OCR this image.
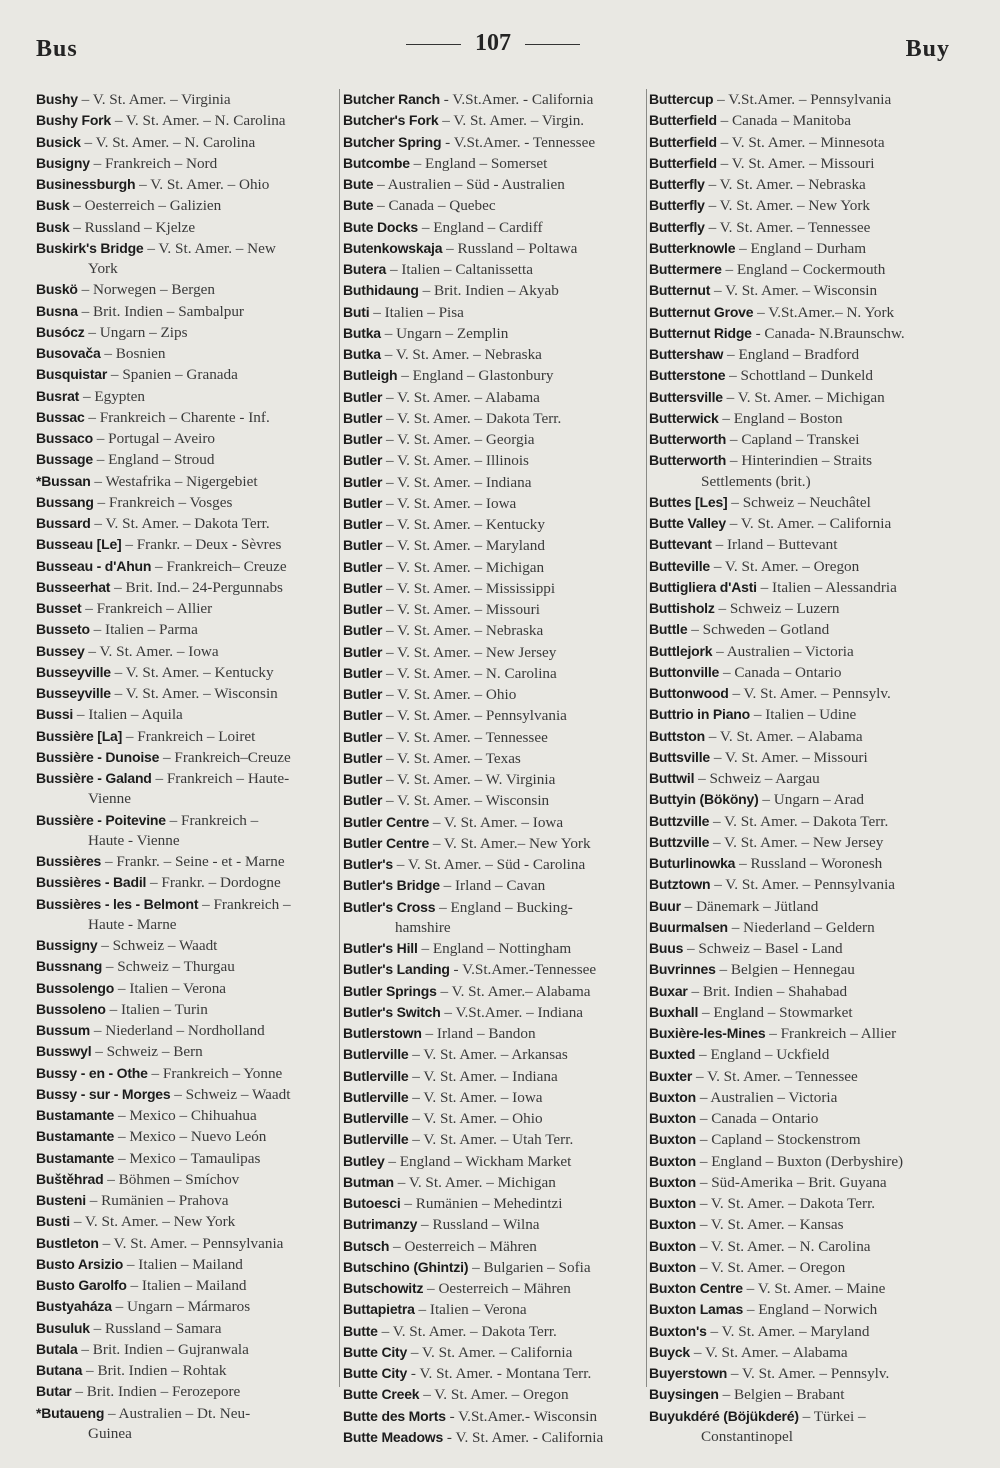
Bus	107	Buy
Bushy – V. St. Amer. – Virginia
Bushy Fork – V. St. Amer. – N. Carolina
Busick – V. St. Amer. – N. Carolina
Busigny – Frankreich – Nord
Businessburgh – V. St. Amer. – Ohio
Busk – Oesterreich – Galizien
Busk – Russland – Kjelze
Buskirk's Bridge – V. St. Amer. – New
York
Buskö – Norwegen – Bergen
Busna – Brit. Indien – Sambalpur
Busócz – Ungarn – Zips
Busovača – Bosnien
Busquistar – Spanien – Granada
Busrat – Egypten
Bussac – Frankreich – Charente - Inf.
Bussaco – Portugal – Aveiro
Bussage – England – Stroud
*Bussan – Westafrika – Nigergebiet
Bussang – Frankreich – Vosges
Bussard – V. St. Amer. – Dakota Terr.
Busseau [Le] – Frankr. – Deux - Sèvres
Busseau - d'Ahun – Frankreich– Creuze
Busseerhat – Brit. Ind.– 24-Pergunnabs
Busset – Frankreich – Allier
Busseto – Italien – Parma
Bussey – V. St. Amer. – Iowa
Busseyville – V. St. Amer. – Kentucky
Busseyville – V. St. Amer. – Wisconsin
Bussi – Italien – Aquila
Bussière [La] – Frankreich – Loiret
Bussière - Dunoise – Frankreich–Creuze
Bussière - Galand – Frankreich – Haute-
Vienne
Bussière - Poitevine – Frankreich –
Haute - Vienne
Bussières – Frankr. – Seine - et - Marne
Bussières - Badil – Frankr. – Dordogne
Bussières - les - Belmont – Frankreich –
Haute - Marne
Bussigny – Schweiz – Waadt
Bussnang – Schweiz – Thurgau
Bussolengo – Italien – Verona
Bussoleno – Italien – Turin
Bussum – Niederland – Nordholland
Busswyl – Schweiz – Bern
Bussy - en - Othe – Frankreich – Yonne
Bussy - sur - Morges – Schweiz – Waadt
Bustamante – Mexico – Chihuahua
Bustamante – Mexico – Nuevo León
Bustamante – Mexico – Tamaulipas
Buštěhrad – Böhmen – Smíchov
Busteni – Rumänien – Prahova
Busti – V. St. Amer. – New York
Bustleton – V. St. Amer. – Pennsylvania
Busto Arsizio – Italien – Mailand
Busto Garolfo – Italien – Mailand
Bustyaháza – Ungarn – Mármaros
Busuluk – Russland – Samara
Butala – Brit. Indien – Gujranwala
Butana – Brit. Indien – Rohtak
Butar – Brit. Indien – Ferozepore
*Butaueng – Australien – Dt. Neu-
Guinea
Butcher Ranch - V.St.Amer. - California
Butcher's Fork – V. St. Amer. – Virgin.
Butcher Spring - V.St.Amer. - Tennessee
Butcombe – England – Somerset
Bute – Australien – Süd - Australien
Bute – Canada – Quebec
Bute Docks – England – Cardiff
Butenkowskaja – Russland – Poltawa
Butera – Italien – Caltanissetta
Buthidaung – Brit. Indien – Akyab
Buti – Italien – Pisa
Butka – Ungarn – Zemplin
Butka – V. St. Amer. – Nebraska
Butleigh – England – Glastonbury
Butler – V. St. Amer. – Alabama
Butler – V. St. Amer. – Dakota Terr.
Butler – V. St. Amer. – Georgia
Butler – V. St. Amer. – Illinois
Butler – V. St. Amer. – Indiana
Butler – V. St. Amer. – Iowa
Butler – V. St. Amer. – Kentucky
Butler – V. St. Amer. – Maryland
Butler – V. St. Amer. – Michigan
Butler – V. St. Amer. – Mississippi
Butler – V. St. Amer. – Missouri
Butler – V. St. Amer. – Nebraska
Butler – V. St. Amer. – New Jersey
Butler – V. St. Amer. – N. Carolina
Butler – V. St. Amer. – Ohio
Butler – V. St. Amer. – Pennsylvania
Butler – V. St. Amer. – Tennessee
Butler – V. St. Amer. – Texas
Butler – V. St. Amer. – W. Virginia
Butler – V. St. Amer. – Wisconsin
Butler Centre – V. St. Amer. – Iowa
Butler Centre – V. St. Amer.– New York
Butler's – V. St. Amer. – Süd - Carolina
Butler's Bridge – Irland – Cavan
Butler's Cross – England – Bucking-
hamshire
Butler's Hill – England – Nottingham
Butler's Landing - V.St.Amer.-Tennessee
Butler Springs – V. St. Amer.– Alabama
Butler's Switch – V.St.Amer. – Indiana
Butlerstown – Irland – Bandon
Butlerville – V. St. Amer. – Arkansas
Butlerville – V. St. Amer. – Indiana
Butlerville – V. St. Amer. – Iowa
Butlerville – V. St. Amer. – Ohio
Butlerville – V. St. Amer. – Utah Terr.
Butley – England – Wickham Market
Butman – V. St. Amer. – Michigan
Butoesci – Rumänien – Mehedintzi
Butrimanzy – Russland – Wilna
Butsch – Oesterreich – Mähren
Butschino (Ghintzi) – Bulgarien – Sofia
Butschowitz – Oesterreich – Mähren
Buttapietra – Italien – Verona
Butte – V. St. Amer. – Dakota Terr.
Butte City – V. St. Amer. – California
Butte City - V. St. Amer. - Montana Terr.
Butte Creek – V. St. Amer. – Oregon
Butte des Morts - V.St.Amer.- Wisconsin
Butte Meadows - V. St. Amer. - California
Buttercup – V.St.Amer. – Pennsylvania
Butterfield – Canada – Manitoba
Butterfield – V. St. Amer. – Minnesota
Butterfield – V. St. Amer. – Missouri
Butterfly – V. St. Amer. – Nebraska
Butterfly – V. St. Amer. – New York
Butterfly – V. St. Amer. – Tennessee
Butterknowle – England – Durham
Buttermere – England – Cockermouth
Butternut – V. St. Amer. – Wisconsin
Butternut Grove – V.St.Amer.– N. York
Butternut Ridge - Canada- N.Braunschw.
Buttershaw – England – Bradford
Butterstone – Schottland – Dunkeld
Buttersville – V. St. Amer. – Michigan
Butterwick – England – Boston
Butterworth – Capland – Transkei
Butterworth – Hinterindien – Straits
Settlements (brit.)
Buttes [Les] – Schweiz – Neuchâtel
Butte Valley – V. St. Amer. – California
Buttevant – Irland – Buttevant
Butteville – V. St. Amer. – Oregon
Buttigliera d'Asti – Italien – Alessandria
Buttisholz – Schweiz – Luzern
Buttle – Schweden – Gotland
Buttlejork – Australien – Victoria
Buttonville – Canada – Ontario
Buttonwood – V. St. Amer. – Pennsylv.
Buttrio in Piano – Italien – Udine
Buttston – V. St. Amer. – Alabama
Buttsville – V. St. Amer. – Missouri
Buttwil – Schweiz – Aargau
Buttyin (Bököny) – Ungarn – Arad
Buttzville – V. St. Amer. – Dakota Terr.
Buttzville – V. St. Amer. – New Jersey
Buturlinowka – Russland – Woronesh
Butztown – V. St. Amer. – Pennsylvania
Buur – Dänemark – Jütland
Buurmalsen – Niederland – Geldern
Buus – Schweiz – Basel - Land
Buvrinnes – Belgien – Hennegau
Buxar – Brit. Indien – Shahabad
Buxhall – England – Stowmarket
Buxière-les-Mines – Frankreich – Allier
Buxted – England – Uckfield
Buxter – V. St. Amer. – Tennessee
Buxton – Australien – Victoria
Buxton – Canada – Ontario
Buxton – Capland – Stockenstrom
Buxton – England – Buxton (Derbyshire)
Buxton – Süd-Amerika – Brit. Guyana
Buxton – V. St. Amer. – Dakota Terr.
Buxton – V. St. Amer. – Kansas
Buxton – V. St. Amer. – N. Carolina
Buxton – V. St. Amer. – Oregon
Buxton Centre – V. St. Amer. – Maine
Buxton Lamas – England – Norwich
Buxton's – V. St. Amer. – Maryland
Buyck – V. St. Amer. – Alabama
Buyerstown – V. St. Amer. – Pennsylv.
Buysingen – Belgien – Brabant
Buyukdéré (Böjükderé) – Türkei –
Constantinopel
